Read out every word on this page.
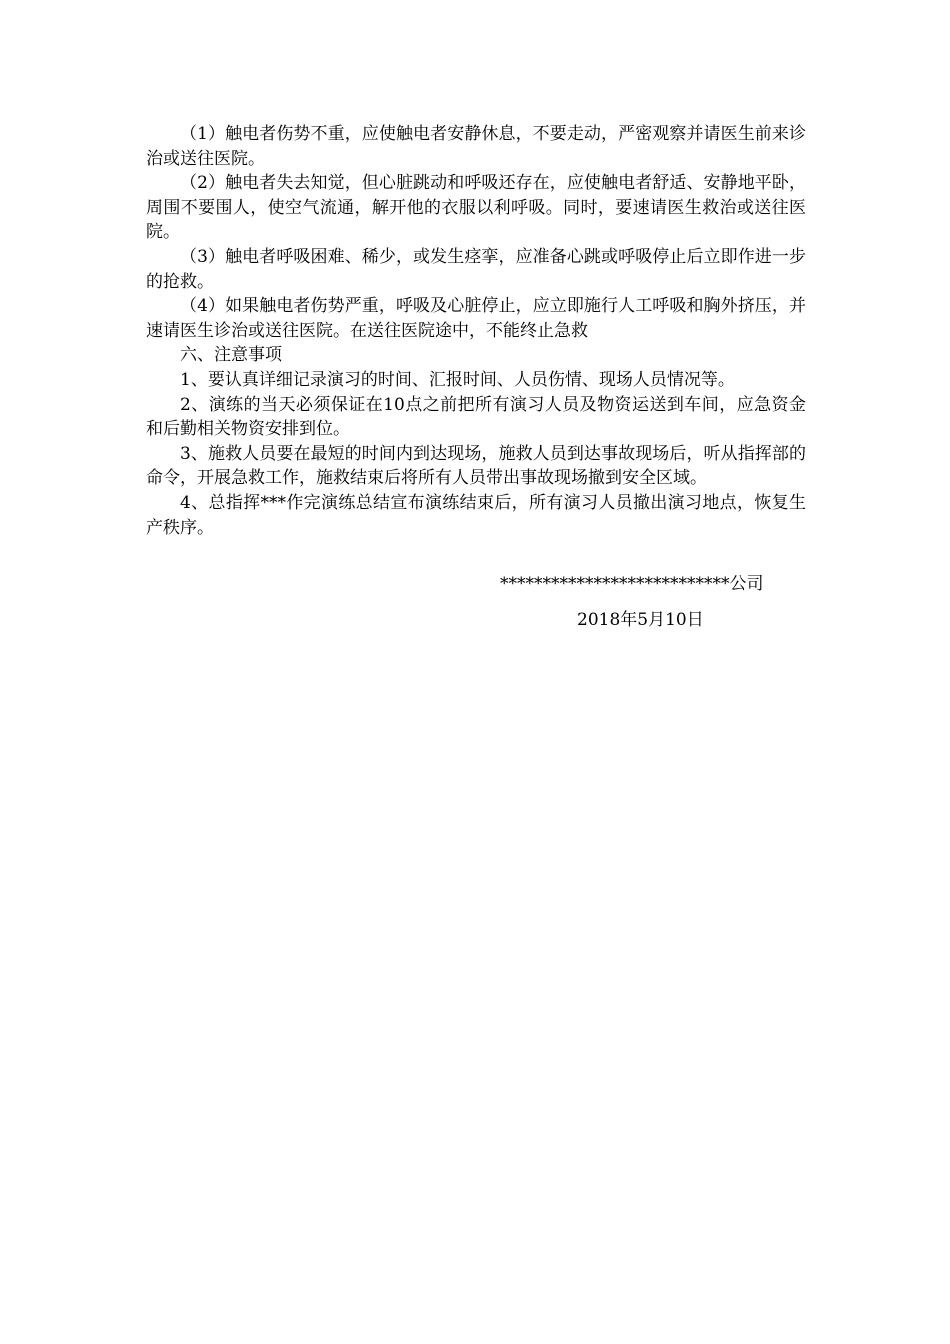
（1）触电者伤势不重，应使触电者安静休息，不要走动，严密观察并请医生前来诊治或送往医院。

（2）触电者失去知觉，但心脏跳动和呼吸还存在，应使触电者舒适、安静地平卧，周围不要围人，使空气流通，解开他的衣服以利呼吸。同时，要速请医生救治或送往医院。

（3）触电者呼吸困难、稀少，或发生痉挛，应准备心跳或呼吸停止后立即作进一步的抢救。

（4）如果触电者伤势严重，呼吸及心脏停止，应立即施行人工呼吸和胸外挤压，并速请医生诊治或送往医院。在送往医院途中，不能终止急救

六、注意事项

1、要认真详细记录演习的时间、汇报时间、人员伤情、现场人员情况等。

2、演练的当天必须保证在10点之前把所有演习人员及物资运送到车间，应急资金和后勤相关物资安排到位。

3、施救人员要在最短的时间内到达现场，施救人员到达事故现场后，听从指挥部的命令，开展急救工作，施救结束后将所有人员带出事故现场撤到安全区域。

4、总指挥***作完演练总结宣布演练结束后，所有演习人员撤出演习地点，恢复生产秩序。

***************************公司
2018年5月10日
